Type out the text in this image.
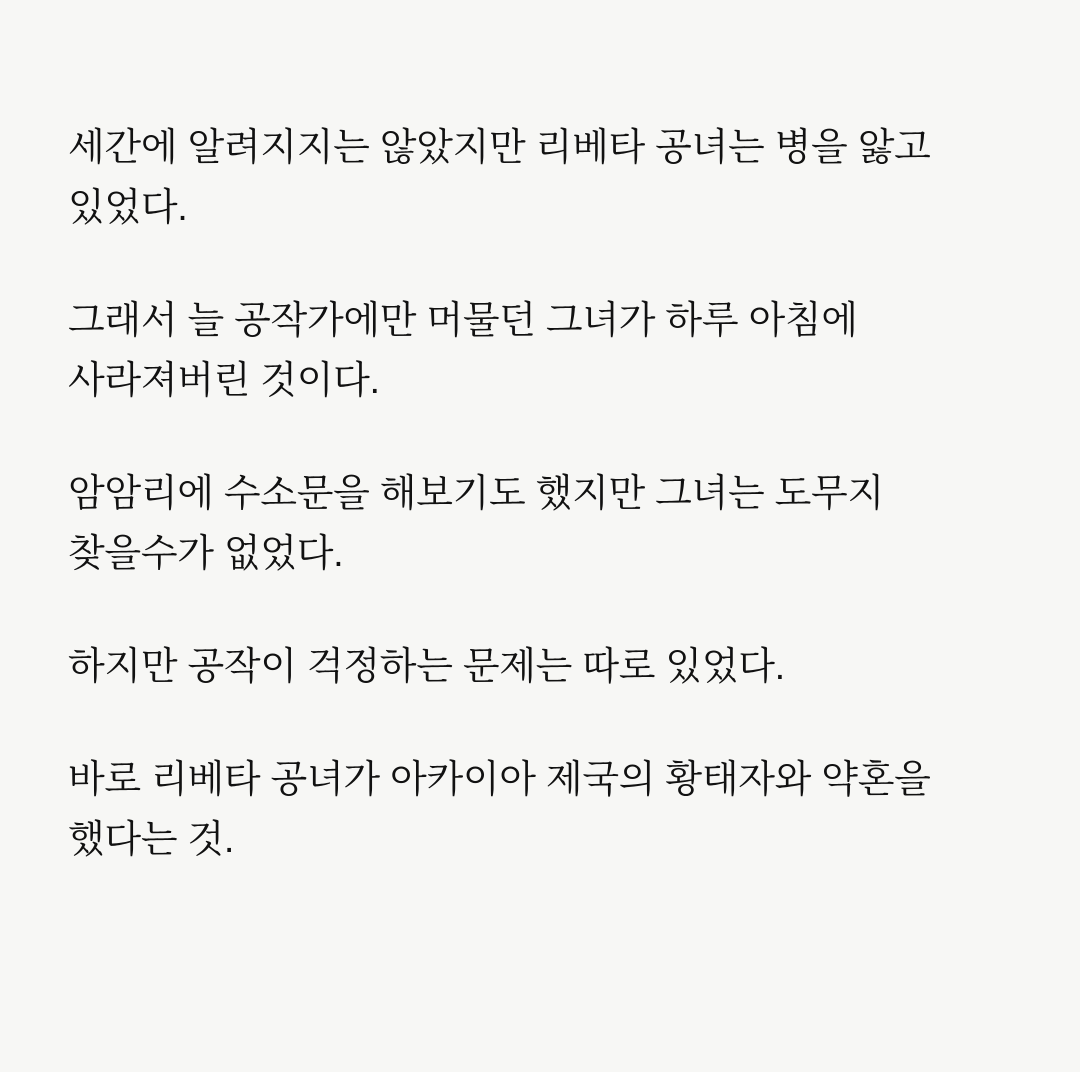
세간에 알려지지는 않았지만 리베타 공녀는 병을 앓고 있었다.

그래서 늘 공작가에만 머물던 그녀가 하루 아침에 사라져버린 것이다.

암암리에 수소문을 해보기도 했지만 그녀는 도무지 찾을수가 없었다.

하지만 공작이 걱정하는 문제는 따로 있었다.

바로 리베타 공녀가 아카이아 제국의 황태자와 약혼을 했다는 것.
